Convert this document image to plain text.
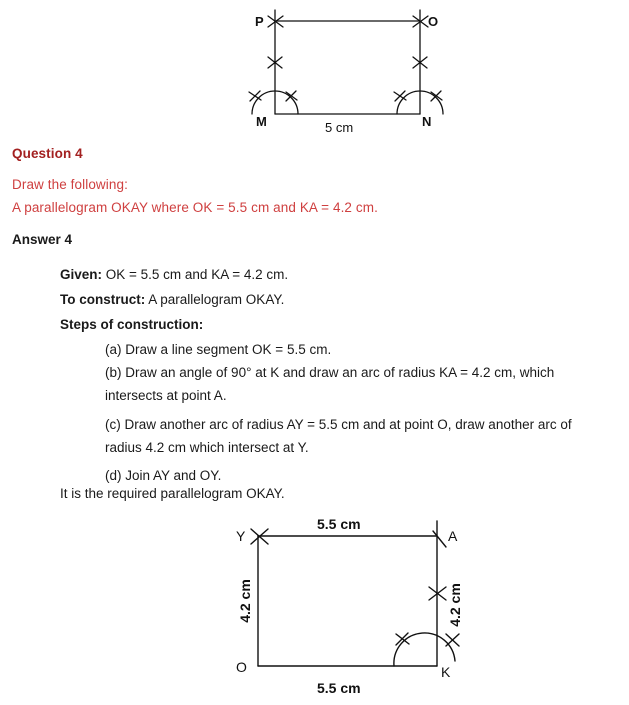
P	O
M	N
5 cm
Question 4
Draw the following:
A parallelogram OKAY where OK = 5.5 cm and KA = 4.2 cm.
Answer 4
Given: OK = 5.5 cm and KA = 4.2 cm.
To construct: A parallelogram OKAY.
Steps of construction:
(a) Draw a line segment OK = 5.5 cm.
(b) Draw an angle of 90° at K and draw an arc of radius KA = 4.2 cm, which
intersects at point A.
(c) Draw another arc of radius AY = 5.5 cm and at point O, draw another arc of
radius 4.2 cm which intersect at Y.
(d) Join AY and OY.
It is the required parallelogram OKAY.
Y	A
O	K
5.5 cm
5.5 cm
4.2 cm	4.2 cm
